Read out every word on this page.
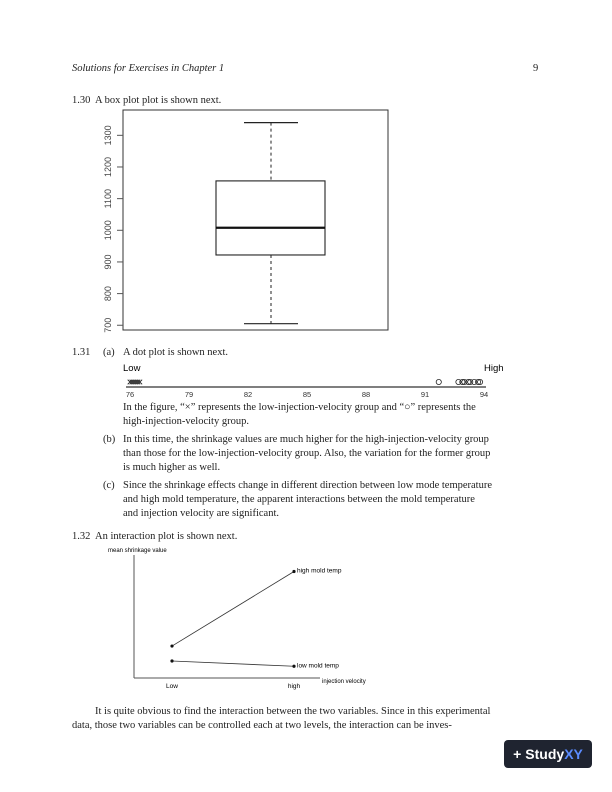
Solutions for Exercises in Chapter 1	9
1.30 A box plot plot is shown next.
700
800
900
1000
1100
1200
1300
1.31 (a) A dot plot is shown next.
Low	High
76	79	82	85	88	91	94
In the figure, “×” represents the low-injection-velocity group and “○” represents the
high-injection-velocity group.
(b) In this time, the shrinkage values are much higher for the high-injection-velocity group
than those for the low-injection-velocity group. Also, the variation for the former group
is much higher as well.
(c) Since the shrinkage effects change in different direction between low mode temperature
and high mold temperature, the apparent interactions between the mold temperature
and injection velocity are significant.
1.32 An interaction plot is shown next.
mean shrinkage value
injection velocity
Low	high
high mold temp
low mold temp
It is quite obvious to find the interaction between the two variables. Since in this experimental
data, those two variables can be controlled each at two levels, the interaction can be inves-
+ StudyXY
